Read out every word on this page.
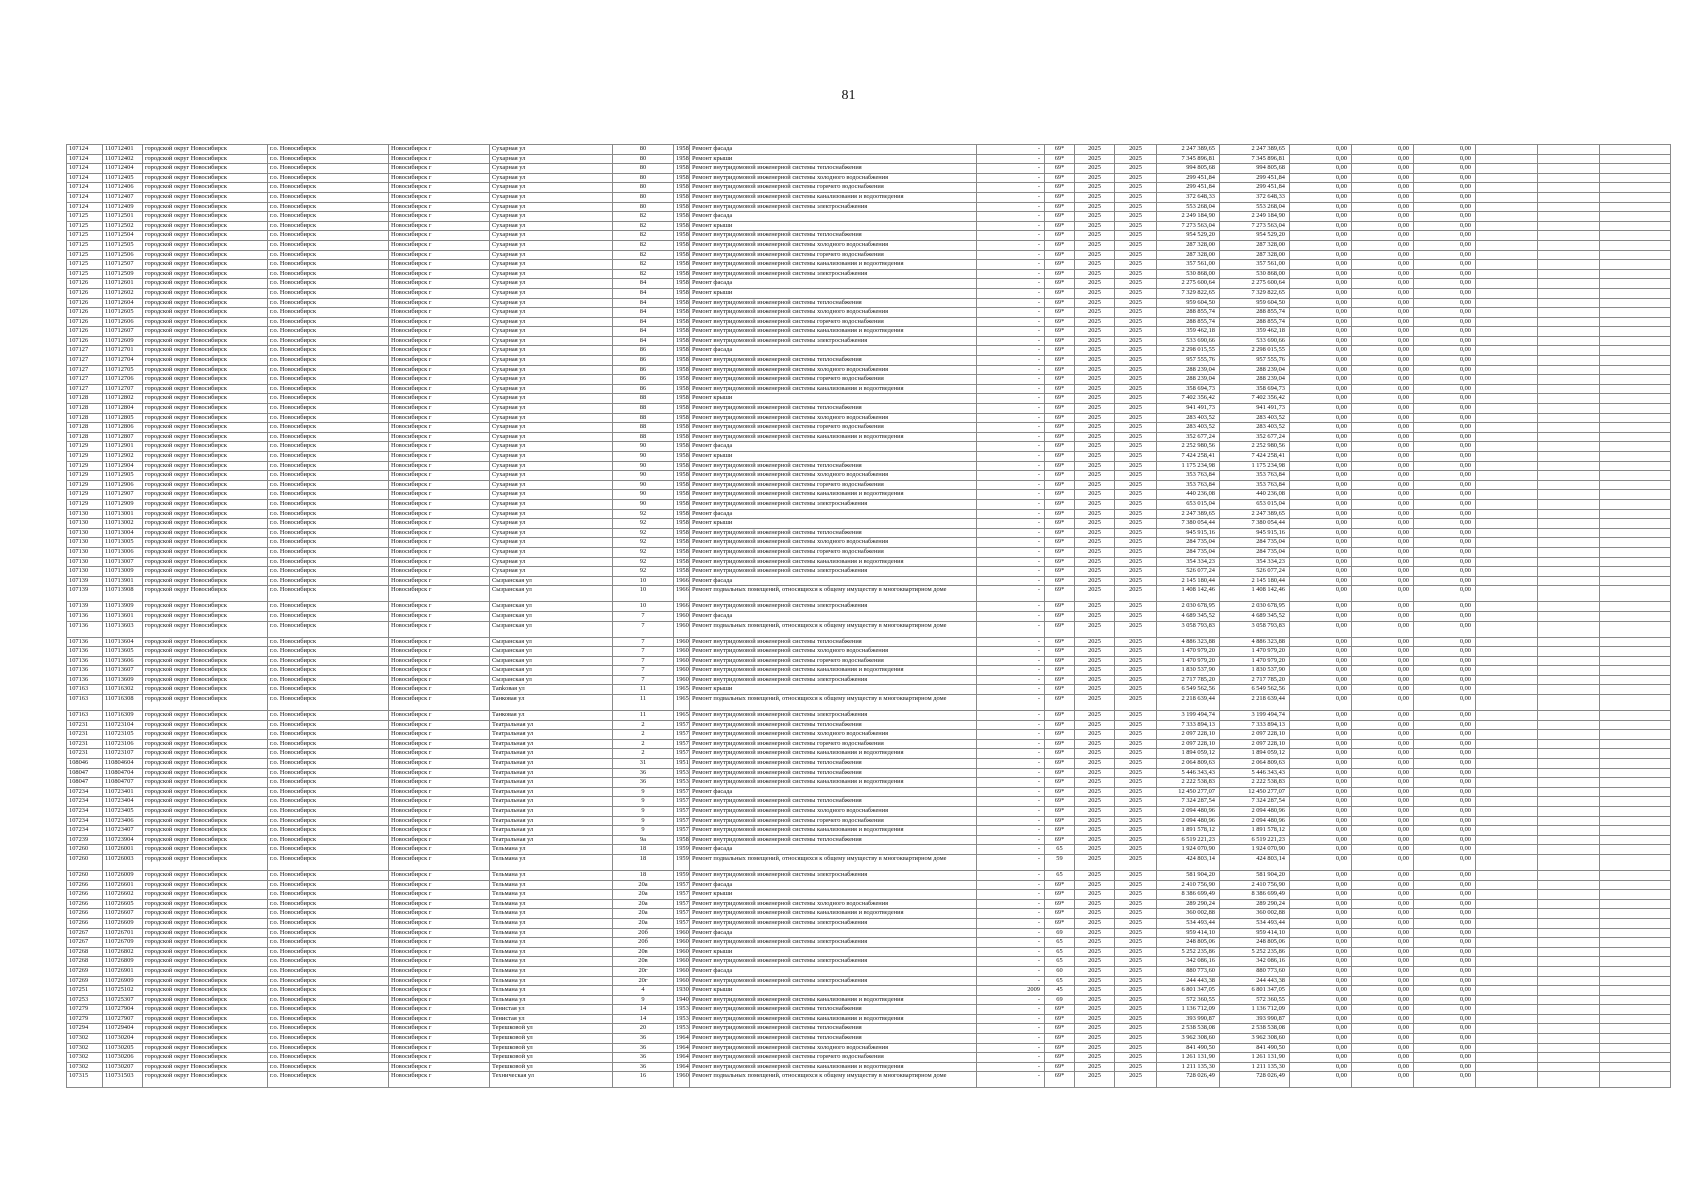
81
107124	110712401	городской округ Новосибирск	г.о. Новосибирск	Новосибирск г	Сухарная ул	80	1958	Ремонт фасада	-	69*	2025	2025	2 247 389,65	2 247 389,65	0,00	0,00	0,00			
107124	110712402	городской округ Новосибирск	г.о. Новосибирск	Новосибирск г	Сухарная ул	80	1958	Ремонт крыши	-	69*	2025	2025	7 345 896,81	7 345 896,81	0,00	0,00	0,00			
107124	110712404	городской округ Новосибирск	г.о. Новосибирск	Новосибирск г	Сухарная ул	80	1958	Ремонт внутридомовой инженерной системы теплоснабжения	-	69*	2025	2025	994 805,68	994 805,68	0,00	0,00	0,00			
107124	110712405	городской округ Новосибирск	г.о. Новосибирск	Новосибирск г	Сухарная ул	80	1958	Ремонт внутридомовой инженерной системы холодного водоснабжения	-	69*	2025	2025	299 451,84	299 451,84	0,00	0,00	0,00			
107124	110712406	городской округ Новосибирск	г.о. Новосибирск	Новосибирск г	Сухарная ул	80	1958	Ремонт внутридомовой инженерной системы горячего водоснабжения	-	69*	2025	2025	299 451,84	299 451,84	0,00	0,00	0,00			
107124	110712407	городской округ Новосибирск	г.о. Новосибирск	Новосибирск г	Сухарная ул	80	1958	Ремонт внутридомовой инженерной системы канализования и водоотведения	-	69*	2025	2025	372 648,33	372 648,33	0,00	0,00	0,00			
107124	110712409	городской округ Новосибирск	г.о. Новосибирск	Новосибирск г	Сухарная ул	80	1958	Ремонт внутридомовой инженерной системы электроснабжения	-	69*	2025	2025	553 268,04	553 268,04	0,00	0,00	0,00			
107125	110712501	городской округ Новосибирск	г.о. Новосибирск	Новосибирск г	Сухарная ул	82	1958	Ремонт фасада	-	69*	2025	2025	2 249 184,90	2 249 184,90	0,00	0,00	0,00			
107125	110712502	городской округ Новосибирск	г.о. Новосибирск	Новосибирск г	Сухарная ул	82	1958	Ремонт крыши	-	69*	2025	2025	7 273 563,04	7 273 563,04	0,00	0,00	0,00			
107125	110712504	городской округ Новосибирск	г.о. Новосибирск	Новосибирск г	Сухарная ул	82	1958	Ремонт внутридомовой инженерной системы теплоснабжения	-	69*	2025	2025	954 529,20	954 529,20	0,00	0,00	0,00			
107125	110712505	городской округ Новосибирск	г.о. Новосибирск	Новосибирск г	Сухарная ул	82	1958	Ремонт внутридомовой инженерной системы холодного водоснабжения	-	69*	2025	2025	287 328,00	287 328,00	0,00	0,00	0,00			
107125	110712506	городской округ Новосибирск	г.о. Новосибирск	Новосибирск г	Сухарная ул	82	1958	Ремонт внутридомовой инженерной системы горячего водоснабжения	-	69*	2025	2025	287 328,00	287 328,00	0,00	0,00	0,00			
107125	110712507	городской округ Новосибирск	г.о. Новосибирск	Новосибирск г	Сухарная ул	82	1958	Ремонт внутридомовой инженерной системы канализования и водоотведения	-	69*	2025	2025	357 561,00	357 561,00	0,00	0,00	0,00			
107125	110712509	городской округ Новосибирск	г.о. Новосибирск	Новосибирск г	Сухарная ул	82	1958	Ремонт внутридомовой инженерной системы электроснабжения	-	69*	2025	2025	530 868,00	530 868,00	0,00	0,00	0,00			
107126	110712601	городской округ Новосибирск	г.о. Новосибирск	Новосибирск г	Сухарная ул	84	1958	Ремонт фасада	-	69*	2025	2025	2 275 600,64	2 275 600,64	0,00	0,00	0,00			
107126	110712602	городской округ Новосибирск	г.о. Новосибирск	Новосибирск г	Сухарная ул	84	1958	Ремонт крыши	-	69*	2025	2025	7 329 822,65	7 329 822,65	0,00	0,00	0,00			
107126	110712604	городской округ Новосибирск	г.о. Новосибирск	Новосибирск г	Сухарная ул	84	1958	Ремонт внутридомовой инженерной системы теплоснабжения	-	69*	2025	2025	959 604,50	959 604,50	0,00	0,00	0,00			
107126	110712605	городской округ Новосибирск	г.о. Новосибирск	Новосибирск г	Сухарная ул	84	1958	Ремонт внутридомовой инженерной системы холодного водоснабжения	-	69*	2025	2025	288 855,74	288 855,74	0,00	0,00	0,00			
107126	110712606	городской округ Новосибирск	г.о. Новосибирск	Новосибирск г	Сухарная ул	84	1958	Ремонт внутридомовой инженерной системы горячего водоснабжения	-	69*	2025	2025	288 855,74	288 855,74	0,00	0,00	0,00			
107126	110712607	городской округ Новосибирск	г.о. Новосибирск	Новосибирск г	Сухарная ул	84	1958	Ремонт внутридомовой инженерной системы канализования и водоотведения	-	69*	2025	2025	359 462,18	359 462,18	0,00	0,00	0,00			
107126	110712609	городской округ Новосибирск	г.о. Новосибирск	Новосибирск г	Сухарная ул	84	1958	Ремонт внутридомовой инженерной системы электроснабжения	-	69*	2025	2025	533 690,66	533 690,66	0,00	0,00	0,00			
107127	110712701	городской округ Новосибирск	г.о. Новосибирск	Новосибирск г	Сухарная ул	86	1958	Ремонт фасада	-	69*	2025	2025	2 298 015,55	2 298 015,55	0,00	0,00	0,00			
107127	110712704	городской округ Новосибирск	г.о. Новосибирск	Новосибирск г	Сухарная ул	86	1958	Ремонт внутридомовой инженерной системы теплоснабжения	-	69*	2025	2025	957 555,76	957 555,76	0,00	0,00	0,00			
107127	110712705	городской округ Новосибирск	г.о. Новосибирск	Новосибирск г	Сухарная ул	86	1958	Ремонт внутридомовой инженерной системы холодного водоснабжения	-	69*	2025	2025	288 239,04	288 239,04	0,00	0,00	0,00			
107127	110712706	городской округ Новосибирск	г.о. Новосибирск	Новосибирск г	Сухарная ул	86	1958	Ремонт внутридомовой инженерной системы горячего водоснабжения	-	69*	2025	2025	288 239,04	288 239,04	0,00	0,00	0,00			
107127	110712707	городской округ Новосибирск	г.о. Новосибирск	Новосибирск г	Сухарная ул	86	1958	Ремонт внутридомовой инженерной системы канализования и водоотведения	-	69*	2025	2025	358 694,73	358 694,73	0,00	0,00	0,00			
107128	110712802	городской округ Новосибирск	г.о. Новосибирск	Новосибирск г	Сухарная ул	88	1958	Ремонт крыши	-	69*	2025	2025	7 402 356,42	7 402 356,42	0,00	0,00	0,00			
107128	110712804	городской округ Новосибирск	г.о. Новосибирск	Новосибирск г	Сухарная ул	88	1958	Ремонт внутридомовой инженерной системы теплоснабжения	-	69*	2025	2025	941 491,73	941 491,73	0,00	0,00	0,00			
107128	110712805	городской округ Новосибирск	г.о. Новосибирск	Новосибирск г	Сухарная ул	88	1958	Ремонт внутридомовой инженерной системы холодного водоснабжения	-	69*	2025	2025	283 403,52	283 403,52	0,00	0,00	0,00			
107128	110712806	городской округ Новосибирск	г.о. Новосибирск	Новосибирск г	Сухарная ул	88	1958	Ремонт внутридомовой инженерной системы горячего водоснабжения	-	69*	2025	2025	283 403,52	283 403,52	0,00	0,00	0,00			
107128	110712807	городской округ Новосибирск	г.о. Новосибирск	Новосибирск г	Сухарная ул	88	1958	Ремонт внутридомовой инженерной системы канализования и водоотведения	-	69*	2025	2025	352 677,24	352 677,24	0,00	0,00	0,00			
107129	110712901	городской округ Новосибирск	г.о. Новосибирск	Новосибирск г	Сухарная ул	90	1958	Ремонт фасада	-	69*	2025	2025	2 252 980,56	2 252 980,56	0,00	0,00	0,00			
107129	110712902	городской округ Новосибирск	г.о. Новосибирск	Новосибирск г	Сухарная ул	90	1958	Ремонт крыши	-	69*	2025	2025	7 424 258,41	7 424 258,41	0,00	0,00	0,00			
107129	110712904	городской округ Новосибирск	г.о. Новосибирск	Новосибирск г	Сухарная ул	90	1958	Ремонт внутридомовой инженерной системы теплоснабжения	-	69*	2025	2025	1 175 234,98	1 175 234,98	0,00	0,00	0,00			
107129	110712905	городской округ Новосибирск	г.о. Новосибирск	Новосибирск г	Сухарная ул	90	1958	Ремонт внутридомовой инженерной системы холодного водоснабжения	-	69*	2025	2025	353 763,84	353 763,84	0,00	0,00	0,00			
107129	110712906	городской округ Новосибирск	г.о. Новосибирск	Новосибирск г	Сухарная ул	90	1958	Ремонт внутридомовой инженерной системы горячего водоснабжения	-	69*	2025	2025	353 763,84	353 763,84	0,00	0,00	0,00			
107129	110712907	городской округ Новосибирск	г.о. Новосибирск	Новосибирск г	Сухарная ул	90	1958	Ремонт внутридомовой инженерной системы канализования и водоотведения	-	69*	2025	2025	440 236,08	440 236,08	0,00	0,00	0,00			
107129	110712909	городской округ Новосибирск	г.о. Новосибирск	Новосибирск г	Сухарная ул	90	1958	Ремонт внутридомовой инженерной системы электроснабжения	-	69*	2025	2025	653 015,04	653 015,04	0,00	0,00	0,00			
107130	110713001	городской округ Новосибирск	г.о. Новосибирск	Новосибирск г	Сухарная ул	92	1958	Ремонт фасада	-	69*	2025	2025	2 247 389,65	2 247 389,65	0,00	0,00	0,00			
107130	110713002	городской округ Новосибирск	г.о. Новосибирск	Новосибирск г	Сухарная ул	92	1958	Ремонт крыши	-	69*	2025	2025	7 380 054,44	7 380 054,44	0,00	0,00	0,00			
107130	110713004	городской округ Новосибирск	г.о. Новосибирск	Новосибирск г	Сухарная ул	92	1958	Ремонт внутридомовой инженерной системы теплоснабжения	-	69*	2025	2025	945 915,16	945 915,16	0,00	0,00	0,00			
107130	110713005	городской округ Новосибирск	г.о. Новосибирск	Новосибирск г	Сухарная ул	92	1958	Ремонт внутридомовой инженерной системы холодного водоснабжения	-	69*	2025	2025	284 735,04	284 735,04	0,00	0,00	0,00			
107130	110713006	городской округ Новосибирск	г.о. Новосибирск	Новосибирск г	Сухарная ул	92	1958	Ремонт внутридомовой инженерной системы горячего водоснабжения	-	69*	2025	2025	284 735,04	284 735,04	0,00	0,00	0,00			
107130	110713007	городской округ Новосибирск	г.о. Новосибирск	Новосибирск г	Сухарная ул	92	1958	Ремонт внутридомовой инженерной системы канализования и водоотведения	-	69*	2025	2025	354 334,23	354 334,23	0,00	0,00	0,00			
107130	110713009	городской округ Новосибирск	г.о. Новосибирск	Новосибирск г	Сухарная ул	92	1958	Ремонт внутридомовой инженерной системы электроснабжения	-	69*	2025	2025	526 077,24	526 077,24	0,00	0,00	0,00			
107139	110713901	городской округ Новосибирск	г.о. Новосибирск	Новосибирск г	Сызранская ул	10	1966	Ремонт фасада	-	69*	2025	2025	2 145 180,44	2 145 180,44	0,00	0,00	0,00			
107139	110713908	городской округ Новосибирск	г.о. Новосибирск	Новосибирск г	Сызранская ул	10	1966	Ремонт подвальных помещений, относящихся к общему имуществу в многоквартирном доме	-	69*	2025	2025	1 408 142,46	1 408 142,46	0,00	0,00	0,00			
107139	110713909	городской округ Новосибирск	г.о. Новосибирск	Новосибирск г	Сызранская ул	10	1966	Ремонт внутридомовой инженерной системы электроснабжения	-	69*	2025	2025	2 030 678,95	2 030 678,95	0,00	0,00	0,00			
107136	110713601	городской округ Новосибирск	г.о. Новосибирск	Новосибирск г	Сызранская ул	7	1960	Ремонт фасада	-	69*	2025	2025	4 689 345,52	4 689 345,52	0,00	0,00	0,00			
107136	110713603	городской округ Новосибирск	г.о. Новосибирск	Новосибирск г	Сызранская ул	7	1960	Ремонт подвальных помещений, относящихся к общему имуществу в многоквартирном доме	-	69*	2025	2025	3 058 793,83	3 058 793,83	0,00	0,00	0,00			
107136	110713604	городской округ Новосибирск	г.о. Новосибирск	Новосибирск г	Сызранская ул	7	1960	Ремонт внутридомовой инженерной системы теплоснабжения	-	69*	2025	2025	4 886 323,88	4 886 323,88	0,00	0,00	0,00			
107136	110713605	городской округ Новосибирск	г.о. Новосибирск	Новосибирск г	Сызранская ул	7	1960	Ремонт внутридомовой инженерной системы холодного водоснабжения	-	69*	2025	2025	1 470 979,20	1 470 979,20	0,00	0,00	0,00			
107136	110713606	городской округ Новосибирск	г.о. Новосибирск	Новосибирск г	Сызранская ул	7	1960	Ремонт внутридомовой инженерной системы горячего водоснабжения	-	69*	2025	2025	1 470 979,20	1 470 979,20	0,00	0,00	0,00			
107136	110713607	городской округ Новосибирск	г.о. Новосибирск	Новосибирск г	Сызранская ул	7	1960	Ремонт внутридомовой инженерной системы канализования и водоотведения	-	69*	2025	2025	1 830 537,90	1 830 537,90	0,00	0,00	0,00			
107136	110713609	городской округ Новосибирск	г.о. Новосибирск	Новосибирск г	Сызранская ул	7	1960	Ремонт внутридомовой инженерной системы электроснабжения	-	69*	2025	2025	2 717 785,20	2 717 785,20	0,00	0,00	0,00			
107163	110716302	городской округ Новосибирск	г.о. Новосибирск	Новосибирск г	Тankовая ул	11	1965	Ремонт крыши	-	69*	2025	2025	6 549 562,56	6 549 562,56	0,00	0,00	0,00			
107163	110716308	городской округ Новосибирск	г.о. Новосибирск	Новосибирск г	Танковая ул	11	1965	Ремонт подвальных помещений, относящихся к общему имуществу в многоквартирном доме	-	69*	2025	2025	2 218 639,44	2 218 639,44	0,00	0,00	0,00			
107163	110716309	городской округ Новосибирск	г.о. Новосибирск	Новосибирск г	Танковая ул	11	1965	Ремонт внутридомовой инженерной системы электроснабжения	-	69*	2025	2025	3 199 494,74	3 199 494,74	0,00	0,00	0,00			
107231	110723104	городской округ Новосибирск	г.о. Новосибирск	Новосибирск г	Театральная ул	2	1957	Ремонт внутридомовой инженерной системы теплоснабжения	-	69*	2025	2025	7 333 894,13	7 333 894,13	0,00	0,00	0,00			
107231	110723105	городской округ Новосибирск	г.о. Новосибирск	Новосибирск г	Театральная ул	2	1957	Ремонт внутридомовой инженерной системы холодного водоснабжения	-	69*	2025	2025	2 097 228,10	2 097 228,10	0,00	0,00	0,00			
107231	110723106	городской округ Новосибирск	г.о. Новосибирск	Новосибирск г	Театральная ул	2	1957	Ремонт внутридомовой инженерной системы горячего водоснабжения	-	69*	2025	2025	2 097 228,10	2 097 228,10	0,00	0,00	0,00			
107231	110723107	городской округ Новосибирск	г.о. Новосибирск	Новосибирск г	Театральная ул	2	1957	Ремонт внутридомовой инженерной системы канализования и водоотведения	-	69*	2025	2025	1 894 059,12	1 894 059,12	0,00	0,00	0,00			
108046	110804604	городской округ Новосибирск	г.о. Новосибирск	Новосибирск г	Театральная ул	31	1951	Ремонт внутридомовой инженерной системы теплоснабжения	-	69*	2025	2025	2 064 809,63	2 064 809,63	0,00	0,00	0,00			
108047	110804704	городской округ Новосибирск	г.о. Новосибирск	Новосибирск г	Театральная ул	36	1953	Ремонт внутридомовой инженерной системы теплоснабжения	-	69*	2025	2025	5 446 343,43	5 446 343,43	0,00	0,00	0,00			
108047	110804707	городской округ Новосибирск	г.о. Новосибирск	Новосибирск г	Театральная ул	36	1953	Ремонт внутридомовой инженерной системы канализования и водоотведения	-	69*	2025	2025	2 222 538,83	2 222 538,83	0,00	0,00	0,00			
107234	110723401	городской округ Новосибирск	г.о. Новосибирск	Новосибирск г	Театральная ул	9	1957	Ремонт фасада	-	69*	2025	2025	12 450 277,07	12 450 277,07	0,00	0,00	0,00			
107234	110723404	городской округ Новосибирск	г.о. Новосибирск	Новосибирск г	Театральная ул	9	1957	Ремонт внутридомовой инженерной системы теплоснабжения	-	69*	2025	2025	7 324 287,54	7 324 287,54	0,00	0,00	0,00			
107234	110723405	городской округ Новосибирск	г.о. Новосибирск	Новосибирск г	Театральная ул	9	1957	Ремонт внутридомовой инженерной системы холодного водоснабжения	-	69*	2025	2025	2 094 480,96	2 094 480,96	0,00	0,00	0,00			
107234	110723406	городской округ Новосибирск	г.о. Новосибирск	Новосибирск г	Театральная ул	9	1957	Ремонт внутридомовой инженерной системы горячего водоснабжения	-	69*	2025	2025	2 094 480,96	2 094 480,96	0,00	0,00	0,00			
107234	110723407	городской округ Новосибирск	г.о. Новосибирск	Новосибирск г	Театральная ул	9	1957	Ремонт внутридомовой инженерной системы канализования и водоотведения	-	69*	2025	2025	1 891 578,12	1 891 578,12	0,00	0,00	0,00			
107239	110723904	городской округ Новосибирск	г.о. Новосибирск	Новосибирск г	Театральная ул	9а	1958	Ремонт внутридомовой инженерной системы теплоснабжения	-	69*	2025	2025	6 519 221,23	6 519 221,23	0,00	0,00	0,00			
107260	110726001	городской округ Новосибирск	г.о. Новосибирск	Новосибирск г	Тельмана ул	18	1959	Ремонт фасада	-	65	2025	2025	1 924 070,90	1 924 070,90	0,00	0,00	0,00			
107260	110726003	городской округ Новосибирск	г.о. Новосибирск	Новосибирск г	Тельмана ул	18	1959	Ремонт подвальных помещений, относящихся к общему имуществу в многоквартирном доме	-	59	2025	2025	424 803,14	424 803,14	0,00	0,00	0,00			
107260	110726009	городской округ Новосибирск	г.о. Новосибирск	Новосибирск г	Тельмана ул	18	1959	Ремонт внутридомовой инженерной системы электроснабжения	-	65	2025	2025	581 904,20	581 904,20	0,00	0,00	0,00			
107266	110726601	городской округ Новосибирск	г.о. Новосибирск	Новосибирск г	Тельмана ул	20а	1957	Ремонт фасада	-	69*	2025	2025	2 410 756,90	2 410 756,90	0,00	0,00	0,00			
107266	110726602	городской округ Новосибирск	г.о. Новосибирск	Новосибирск г	Тельмана ул	20а	1957	Ремонт крыши	-	69*	2025	2025	8 386 699,49	8 386 699,49	0,00	0,00	0,00			
107266	110726605	городской округ Новосибирск	г.о. Новосибирск	Новосибирск г	Тельмана ул	20а	1957	Ремонт внутридомовой инженерной системы холодного водоснабжения	-	69*	2025	2025	289 290,24	289 290,24	0,00	0,00	0,00			
107266	110726607	городской округ Новосибирск	г.о. Новосибирск	Новосибирск г	Тельмана ул	20а	1957	Ремонт внутридомовой инженерной системы канализования и водоотведения	-	69*	2025	2025	360 002,88	360 002,88	0,00	0,00	0,00			
107266	110726609	городской округ Новосибирск	г.о. Новосибирск	Новосибирск г	Тельмана ул	20а	1957	Ремонт внутридомовой инженерной системы электроснабжения	-	69*	2025	2025	534 493,44	534 493,44	0,00	0,00	0,00			
107267	110726701	городской округ Новосибирск	г.о. Новосибирск	Новосибирск г	Тельмана ул	20б	1960	Ремонт фасада	-	69	2025	2025	959 414,10	959 414,10	0,00	0,00	0,00			
107267	110726709	городской округ Новосибирск	г.о. Новосибирск	Новосибирск г	Тельмана ул	20б	1960	Ремонт внутридомовой инженерной системы электроснабжения	-	65	2025	2025	248 805,06	248 805,06	0,00	0,00	0,00			
107268	110726802	городской округ Новосибирск	г.о. Новосибирск	Новосибирск г	Тельмана ул	20в	1960	Ремонт крыши	-	65	2025	2025	5 252 235,86	5 252 235,86	0,00	0,00	0,00			
107268	110726809	городской округ Новосибирск	г.о. Новосибирск	Новосибирск г	Тельмана ул	20в	1960	Ремонт внутридомовой инженерной системы электроснабжения	-	65	2025	2025	342 086,16	342 086,16	0,00	0,00	0,00			
107269	110726901	городской округ Новосибирск	г.о. Новосибирск	Новосибирск г	Тельмана ул	20г	1960	Ремонт фасада	-	60	2025	2025	880 773,60	880 773,60	0,00	0,00	0,00			
107269	110726909	городской округ Новосибирск	г.о. Новосибирск	Новосибирск г	Тельмана ул	20г	1960	Ремонт внутридомовой инженерной системы электроснабжения	-	65	2025	2025	244 443,38	244 443,38	0,00	0,00	0,00			
107251	110725102	городской округ Новосибирск	г.о. Новосибирск	Новосибирск г	Тельмана ул	4	1930	Ремонт крыши	2009	45	2025	2025	6 801 347,05	6 801 347,05	0,00	0,00	0,00			
107253	110725307	городской округ Новосибирск	г.о. Новосибирск	Новосибирск г	Тельмана ул	9	1940	Ремонт внутридомовой инженерной системы канализования и водоотведения	-	69	2025	2025	572 360,55	572 360,55	0,00	0,00	0,00			
107279	110727904	городской округ Новосибирск	г.о. Новосибирск	Новосибирск г	Тенистая ул	14	1953	Ремонт внутридомовой инженерной системы теплоснабжения	-	69*	2025	2025	1 136 712,09	1 136 712,09	0,00	0,00	0,00			
107279	110727907	городской округ Новосибирск	г.о. Новосибирск	Новосибирск г	Тенистая ул	14	1953	Ремонт внутридомовой инженерной системы канализования и водоотведения	-	69*	2025	2025	393 990,87	393 990,87	0,00	0,00	0,00			
107294	110729404	городской округ Новосибирск	г.о. Новосибирск	Новосибирск г	Терешковой ул	20	1953	Ремонт внутридомовой инженерной системы теплоснабжения	-	69*	2025	2025	2 538 538,08	2 538 538,08	0,00	0,00	0,00			
107302	110730204	городской округ Новосибирск	г.о. Новосибирск	Новосибирск г	Терешковой ул	36	1964	Ремонт внутридомовой инженерной системы теплоснабжения	-	69*	2025	2025	3 962 308,60	3 962 308,60	0,00	0,00	0,00			
107302	110730205	городской округ Новосибирск	г.о. Новосибирск	Новосибирск г	Терешковой ул	36	1964	Ремонт внутридомовой инженерной системы холодного водоснабжения	-	69*	2025	2025	841 490,50	841 490,50	0,00	0,00	0,00			
107302	110730206	городской округ Новосибирск	г.о. Новосибирск	Новосибирск г	Терешковой ул	36	1964	Ремонт внутридомовой инженерной системы горячего водоснабжения	-	69*	2025	2025	1 261 131,90	1 261 131,90	0,00	0,00	0,00			
107302	110730207	городской округ Новосибирск	г.о. Новосибирск	Новосибирск г	Терешковой ул	36	1964	Ремонт внутридомовой инженерной системы канализования и водоотведения	-	69*	2025	2025	1 211 135,30	1 211 135,30	0,00	0,00	0,00			
107315	110731503	городской округ Новосибирск	г.о. Новосибирск	Новосибирск г	Техническая ул	16	1960	Ремонт подвальных помещений, относящихся к общему имуществу в многоквартирном доме	-	69*	2025	2025	728 026,49	728 026,49	0,00	0,00	0,00			
